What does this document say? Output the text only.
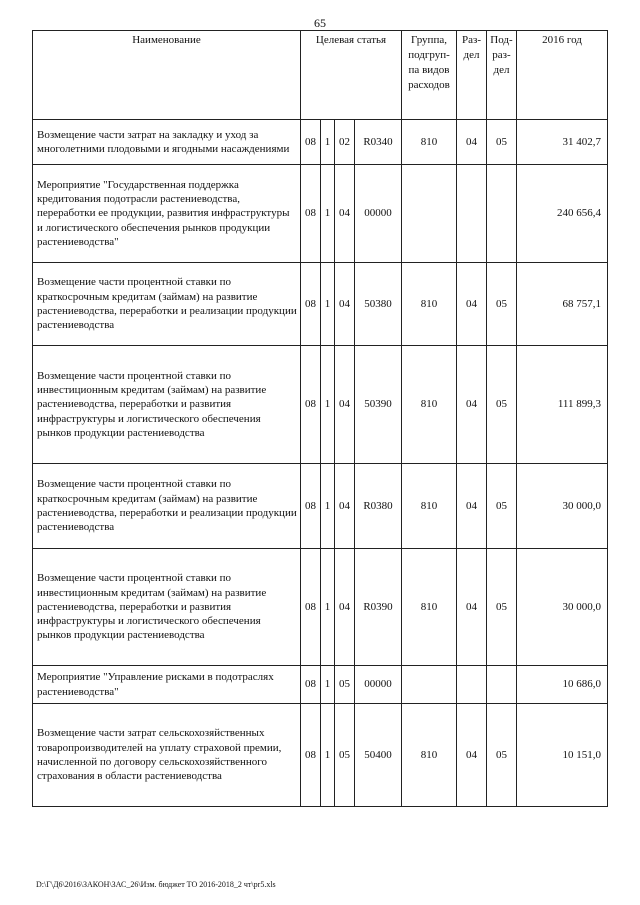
65
Наименование	Целевая статья				Группа, подгруп-па видов расходов	Раз-дел	Под-раз-дел	2016 год
Возмещение части затрат на закладку и уход за многолетними плодовыми и ягодными насаждениями	08	1	02	R0340	810	04	05	31 402,7
Мероприятие "Государственная поддержка кредитования подотрасли растениеводства, переработки ее продукции, развития инфраструктуры и логистического обеспечения рынков продукции растениеводства"	08	1	04	00000				240 656,4
Возмещение части процентной ставки по краткосрочным кредитам (займам) на развитие растениеводства, переработки и реализации продукции растениеводства	08	1	04	50380	810	04	05	68 757,1
Возмещение части процентной ставки по инвестиционным кредитам (займам) на развитие растениеводства, переработки и развития инфраструктуры и логистического обеспечения рынков продукции растениеводства	08	1	04	50390	810	04	05	111 899,3
Возмещение части процентной ставки по краткосрочным кредитам (займам) на развитие растениеводства, переработки и реализации продукции растениеводства	08	1	04	R0380	810	04	05	30 000,0
Возмещение части процентной ставки по инвестиционным кредитам (займам) на развитие растениеводства, переработки и развития инфраструктуры и логистического обеспечения рынков продукции растениеводства	08	1	04	R0390	810	04	05	30 000,0
Мероприятие "Управление рисками в подотраслях растениеводства"	08	1	05	00000				10 686,0
Возмещение части затрат сельскохозяйственных товаропроизводителей на уплату страховой премии, начисленной по договору сельскохозяйственного страхования в области растениеводства	08	1	05	50400	810	04	05	10 151,0
D:\Г\Д6\2016\ЗАКОН\ЗАС_26\Изм. бюджет ТО 2016-2018_2 чт\pr5.xls
